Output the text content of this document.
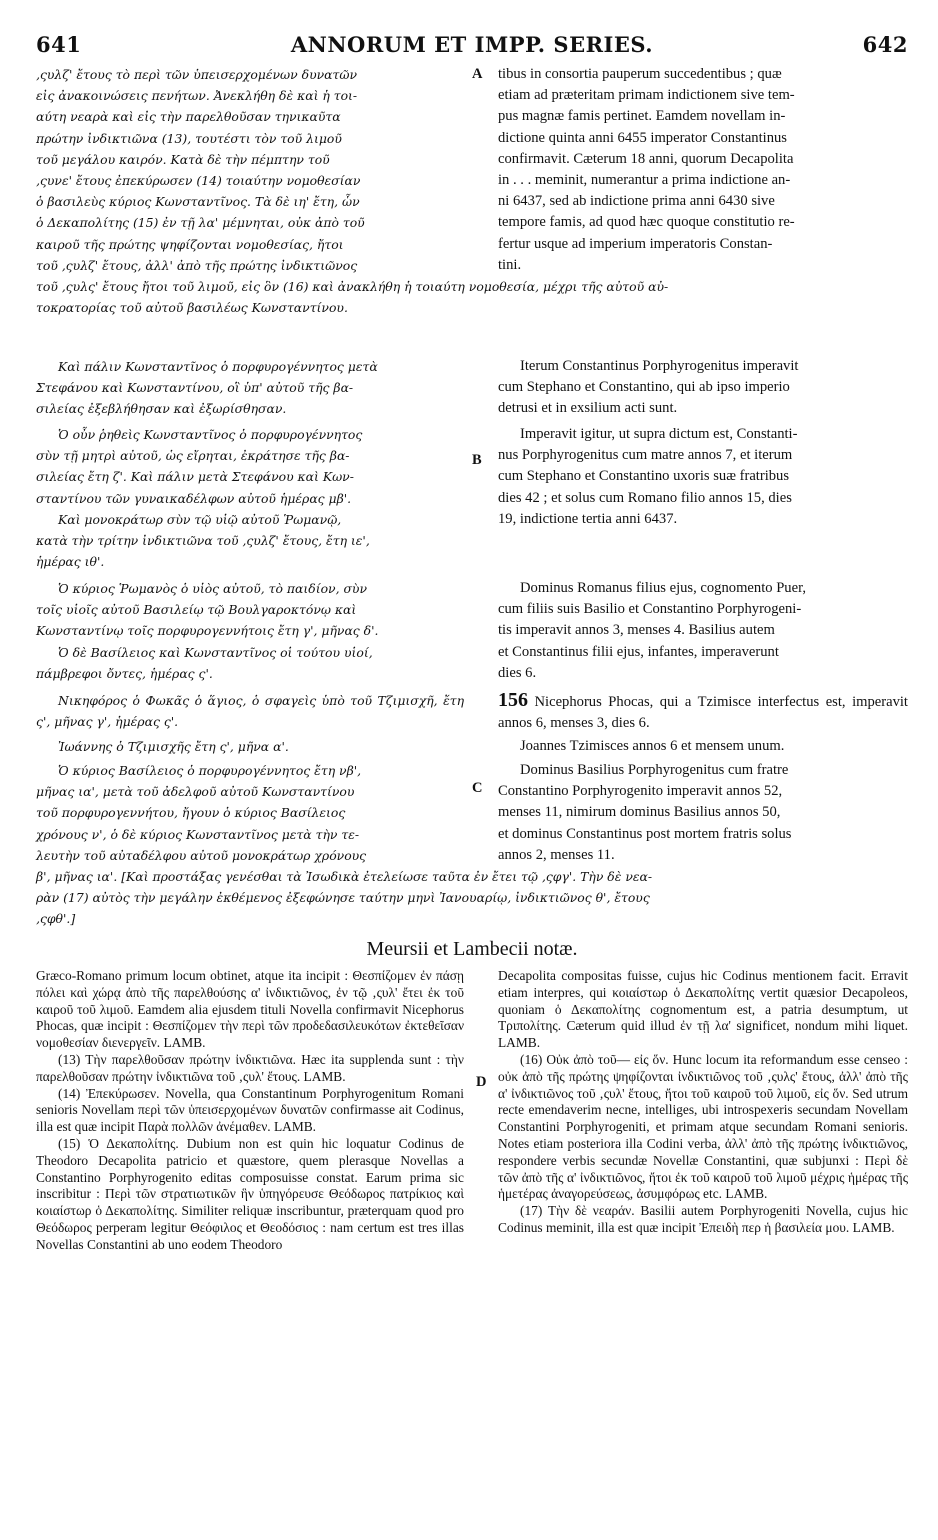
641	ANNORUM ET IMPP. SERIES.	642
‚ςυλζ' ἔτους τὸ περὶ τῶν ὑπεισερχομένων δυνατῶν
εἰς ἀνακοινώσεις πενήτων. Ἀνεκλήθη δὲ καὶ ἡ τοι-
αύτη νεαρὰ καὶ εἰς τὴν παρελθοῦσαν τηνικαῦτα
πρώτην ἰνδικτιῶνα (13), τουτέστι τὸν τοῦ λιμοῦ
τοῦ μεγάλου καιρόν. Κατὰ δὲ τὴν πέμπτην τοῦ
‚ςυνε' ἔτους ἐπεκύρωσεν (14) τοιαύτην νομοθεσίαν
ὁ βασιλεὺς κύριος Κωνσταντῖνος. Τὰ δὲ ιη' ἔτη, ὧν
ὁ Δεκαπολίτης (15) ἐν τῇ λα' μέμνηται, οὐκ ἀπὸ τοῦ
καιροῦ τῆς πρώτης ψηφίζονται νομοθεσίας, ἤτοι
τοῦ ‚ςυλζ' ἔτους, ἀλλ' ἀπὸ τῆς πρώτης ἰνδικτιῶνος
A tibus in consortia pauperum succedentibus ; quæ
etiam ad præteritam primam indictionem sive tem-
pus magnæ famis pertinet. Eamdem novellam in-
dictione quinta anni 6455 imperator Constantinus
confirmavit. Cæterum 18 anni, quorum Decapolita
in . . . meminit, numerantur a prima indictione an-
ni 6437, sed ab indictione prima anni 6430 sive
tempore famis, ad quod hæc quoque constitutio re-
fertur usque ad imperium imperatoris Constan-
tini.
τοῦ ‚ςυλς' ἔτους ἤτοι τοῦ λιμοῦ, εἰς ὃν (16) καὶ ἀνακλήθη ἡ τοιαύτη νομοθεσία, μέχρι τῆς αὐτοῦ αὐ-
τοκρατορίας τοῦ αὐτοῦ βασιλέως Κωνσταντίνου.
Καὶ πάλιν Κωνσταντῖνος ὁ πορφυρογέννητος μετὰ
Στεφάνου καὶ Κωνσταντίνου, οἳ ὑπ' αὐτοῦ τῆς βα-
σιλείας ἐξεβλήθησαν καὶ ἐξωρίσθησαν.
Iterum Constantinus Porphyrogenitus imperavit
cum Stephano et Constantino, qui ab ipso imperio
detrusi et in exsilium acti sunt.
Ὁ οὖν ῥηθεὶς Κωνσταντῖνος ὁ πορφυρογέννητος
σὺν τῇ μητρὶ αὐτοῦ, ὡς εἴρηται, ἐκράτησε τῆς βα-
σιλείας ἔτη ζ'. Καὶ πάλιν μετὰ Στεφάνου καὶ Κων-
σταντίνου τῶν γυναικαδέλφων αὐτοῦ ἡμέρας μβ'.
Καὶ μονοκράτωρ σὺν τῷ υἱῷ αὐτοῦ Ῥωμανῷ,
κατὰ τὴν τρίτην ἰνδικτιῶνα τοῦ ‚ςυλζ' ἔτους, ἔτη ιε',
ἡμέρας ιθ'.
B
Imperavit igitur, ut supra dictum est, Constanti-
nus Porphyrogenitus cum matre annos 7, et iterum
cum Stephano et Constantino uxoris suæ fratribus
dies 42 ; et solus cum Romano filio annos 15, dies
19, indictione tertia anni 6437.
Ὁ κύριος Ῥωμανὸς ὁ υἱὸς αὐτοῦ, τὸ παιδίον, σὺν
τοῖς υἱοῖς αὐτοῦ Βασιλείῳ τῷ Βουλγαροκτόνῳ καὶ
Κωνσταντίνῳ τοῖς πορφυρογεννήτοις ἔτη γ', μῆνας δ'.
Ὁ δὲ Βασίλειος καὶ Κωνσταντῖνος οἱ τούτου υἱοί,
πάμβρεφοι ὄντες, ἡμέρας ς'.
Dominus Romanus filius ejus, cognomento Puer,
cum filiis suis Basilio et Constantino Porphyrogeni-
tis imperavit annos 3, menses 4. Basilius autem
et Constantinus filii ejus, infantes, imperaverunt
dies 6.
Νικηφόρος ὁ Φωκᾶς ὁ ἅγιος, ὁ σφαγεὶς ὑπὸ τοῦ Τζιμισχῆ, ἔτη ς', μῆνας γ', ἡμέρας ς'.
156 Nicephorus Phocas, qui a Tzimisce interfectus est, imperavit annos 6, menses 3, dies 6.
Ἰωάννης ὁ Τζιμισχῆς ἔτη ς', μῆνα α'.	Joannes Tzimisces annos 6 et mensem unum.
Ὁ κύριος Βασίλειος ὁ πορφυρογέννητος ἔτη νβ',
μῆνας ια', μετὰ τοῦ ἀδελφοῦ αὐτοῦ Κωνσταντίνου
τοῦ πορφυρογεννήτου, ἤγουν ὁ κύριος Βασίλειος
χρόνους ν', ὁ δὲ κύριος Κωνσταντῖνος μετὰ τὴν τε-
λευτὴν τοῦ αὐταδέλφου αὐτοῦ μονοκράτωρ χρόνους
C
Dominus Basilius Porphyrogenitus cum fratre
Constantino Porphyrogenito imperavit annos 52,
menses 11, nimirum dominus Basilius annos 50,
et dominus Constantinus post mortem fratris solus
annos 2, menses 11.
β', μῆνας ια'. [Καὶ προστάξας γενέσθαι τὰ Ἰσωδικὰ ἐτελείωσε ταῦτα ἐν ἔτει τῷ ‚ςφγ'. Τὴν δὲ νεα-
ρὰν (17) αὐτὸς τὴν μεγάλην ἐκθέμενος ἐξεφώνησε ταύτην μηνὶ Ἰανουαρίῳ, ἰνδικτιῶνος θ', ἔτους
‚ςφθ'.]
Meursii et Lambecii notæ.

Græco-Romano primum locum obtinet, atque ita incipit : Θεσπίζομεν ἐν πάσῃ πόλει καὶ χώρᾳ ἀπὸ τῆς παρελθούσης α' ἰνδικτιῶνος, ἐν τῷ ‚ςυλ' ἔτει ἐκ τοῦ καιροῦ τοῦ λιμοῦ. Eamdem alia ejusdem tituli Novella confirmavit Nicephorus Phocas, quæ incipit : Θεσπίζομεν τὴν περὶ τῶν προδεδασιλευκότων ἐκτεθεῖσαν νομοθεσίαν διενεργεῖν. LAMB.

(13) Τὴν παρελθοῦσαν πρώτην ἰνδικτιῶνα. Hæc ita supplenda sunt : τὴν παρελθοῦσαν πρώτην ἰνδικτιῶνα τοῦ ‚ςυλ' ἔτους. LAMB.

(14) Ἐπεκύρωσεν. Novella, qua Constantinum Porphyrogenitum Romani senioris Novellam περὶ τῶν ὑπεισερχομένων δυνατῶν confirmasse ait Codinus, illa est quæ incipit Παρὰ πολλῶν ἀνέμαθεν. LAMB.

(15) Ὁ Δεκαπολίτης. Dubium non est quin hic loquatur Codinus de Theodoro Decapolita patricio et quæstore, quem plerasque Novellas a Constantino Porphyrogenito editas composuisse constat. Earum prima sic inscribitur : Περὶ τῶν στρατιωτικῶν ἣν ὑπηγόρευσε Θεόδωρος πατρίκιος καὶ κοιαίστωρ ὁ Δεκαπολίτης. Similiter reliquæ inscribuntur, præterquam quod pro Θεόδωρος perperam legitur Θεόφιλος et Θεοδόσιος : nam certum est tres illas Novellas Constantini ab uno eodem Theodoro

D

Decapolita compositas fuisse, cujus hic Codinus mentionem facit. Erravit etiam interpres, qui κοιαίστωρ ὁ Δεκαπολίτης vertit quæsior Decapoleos, quoniam ὁ Δεκαπολίτης cognomentum est, a patria desumptum, ut Τριπολίτης. Cæterum quid illud ἐν τῇ λα' significet, nondum mihi liquet. LAMB.

(16) Οὐκ ἀπὸ τοῦ— εἰς ὅν. Hunc locum ita reformandum esse censeo : οὐκ ἀπὸ τῆς πρώτης ψηφίζονται ἰνδικτιῶνος τοῦ ‚ςυλς' ἔτους, ἀλλ' ἀπὸ τῆς α' ἰνδικτιῶνος τοῦ ‚ςυλ' ἔτους, ἤτοι τοῦ καιροῦ τοῦ λιμοῦ, εἰς ὅν. Sed utrum recte emendaverim necne, intelliges, ubi introspexeris secundam Novellam Constantini Porphyrogeniti, et primam atque secundam Romani senioris. Notes etiam posteriora illa Codini verba, ἀλλ' ἀπὸ τῆς πρώτης ἰνδικτιῶνος, respondere verbis secundæ Novellæ Constantini, quæ subjunxi : Περὶ δὲ τῶν ἀπὸ τῆς α' ἰνδικτιῶνος, ἤτοι ἐκ τοῦ καιροῦ τοῦ λιμοῦ μέχρις ἡμέρας τῆς ἡμετέρας ἀναγορεύσεως, ἀσυμφόρως etc. LAMB.

(17) Τὴν δὲ νεαράν. Basilii autem Porphyrogeniti Novella, cujus hic Codinus meminit, illa est quæ incipit Ἐπειδὴ περ ἡ βασιλεία μου. LAMB.
